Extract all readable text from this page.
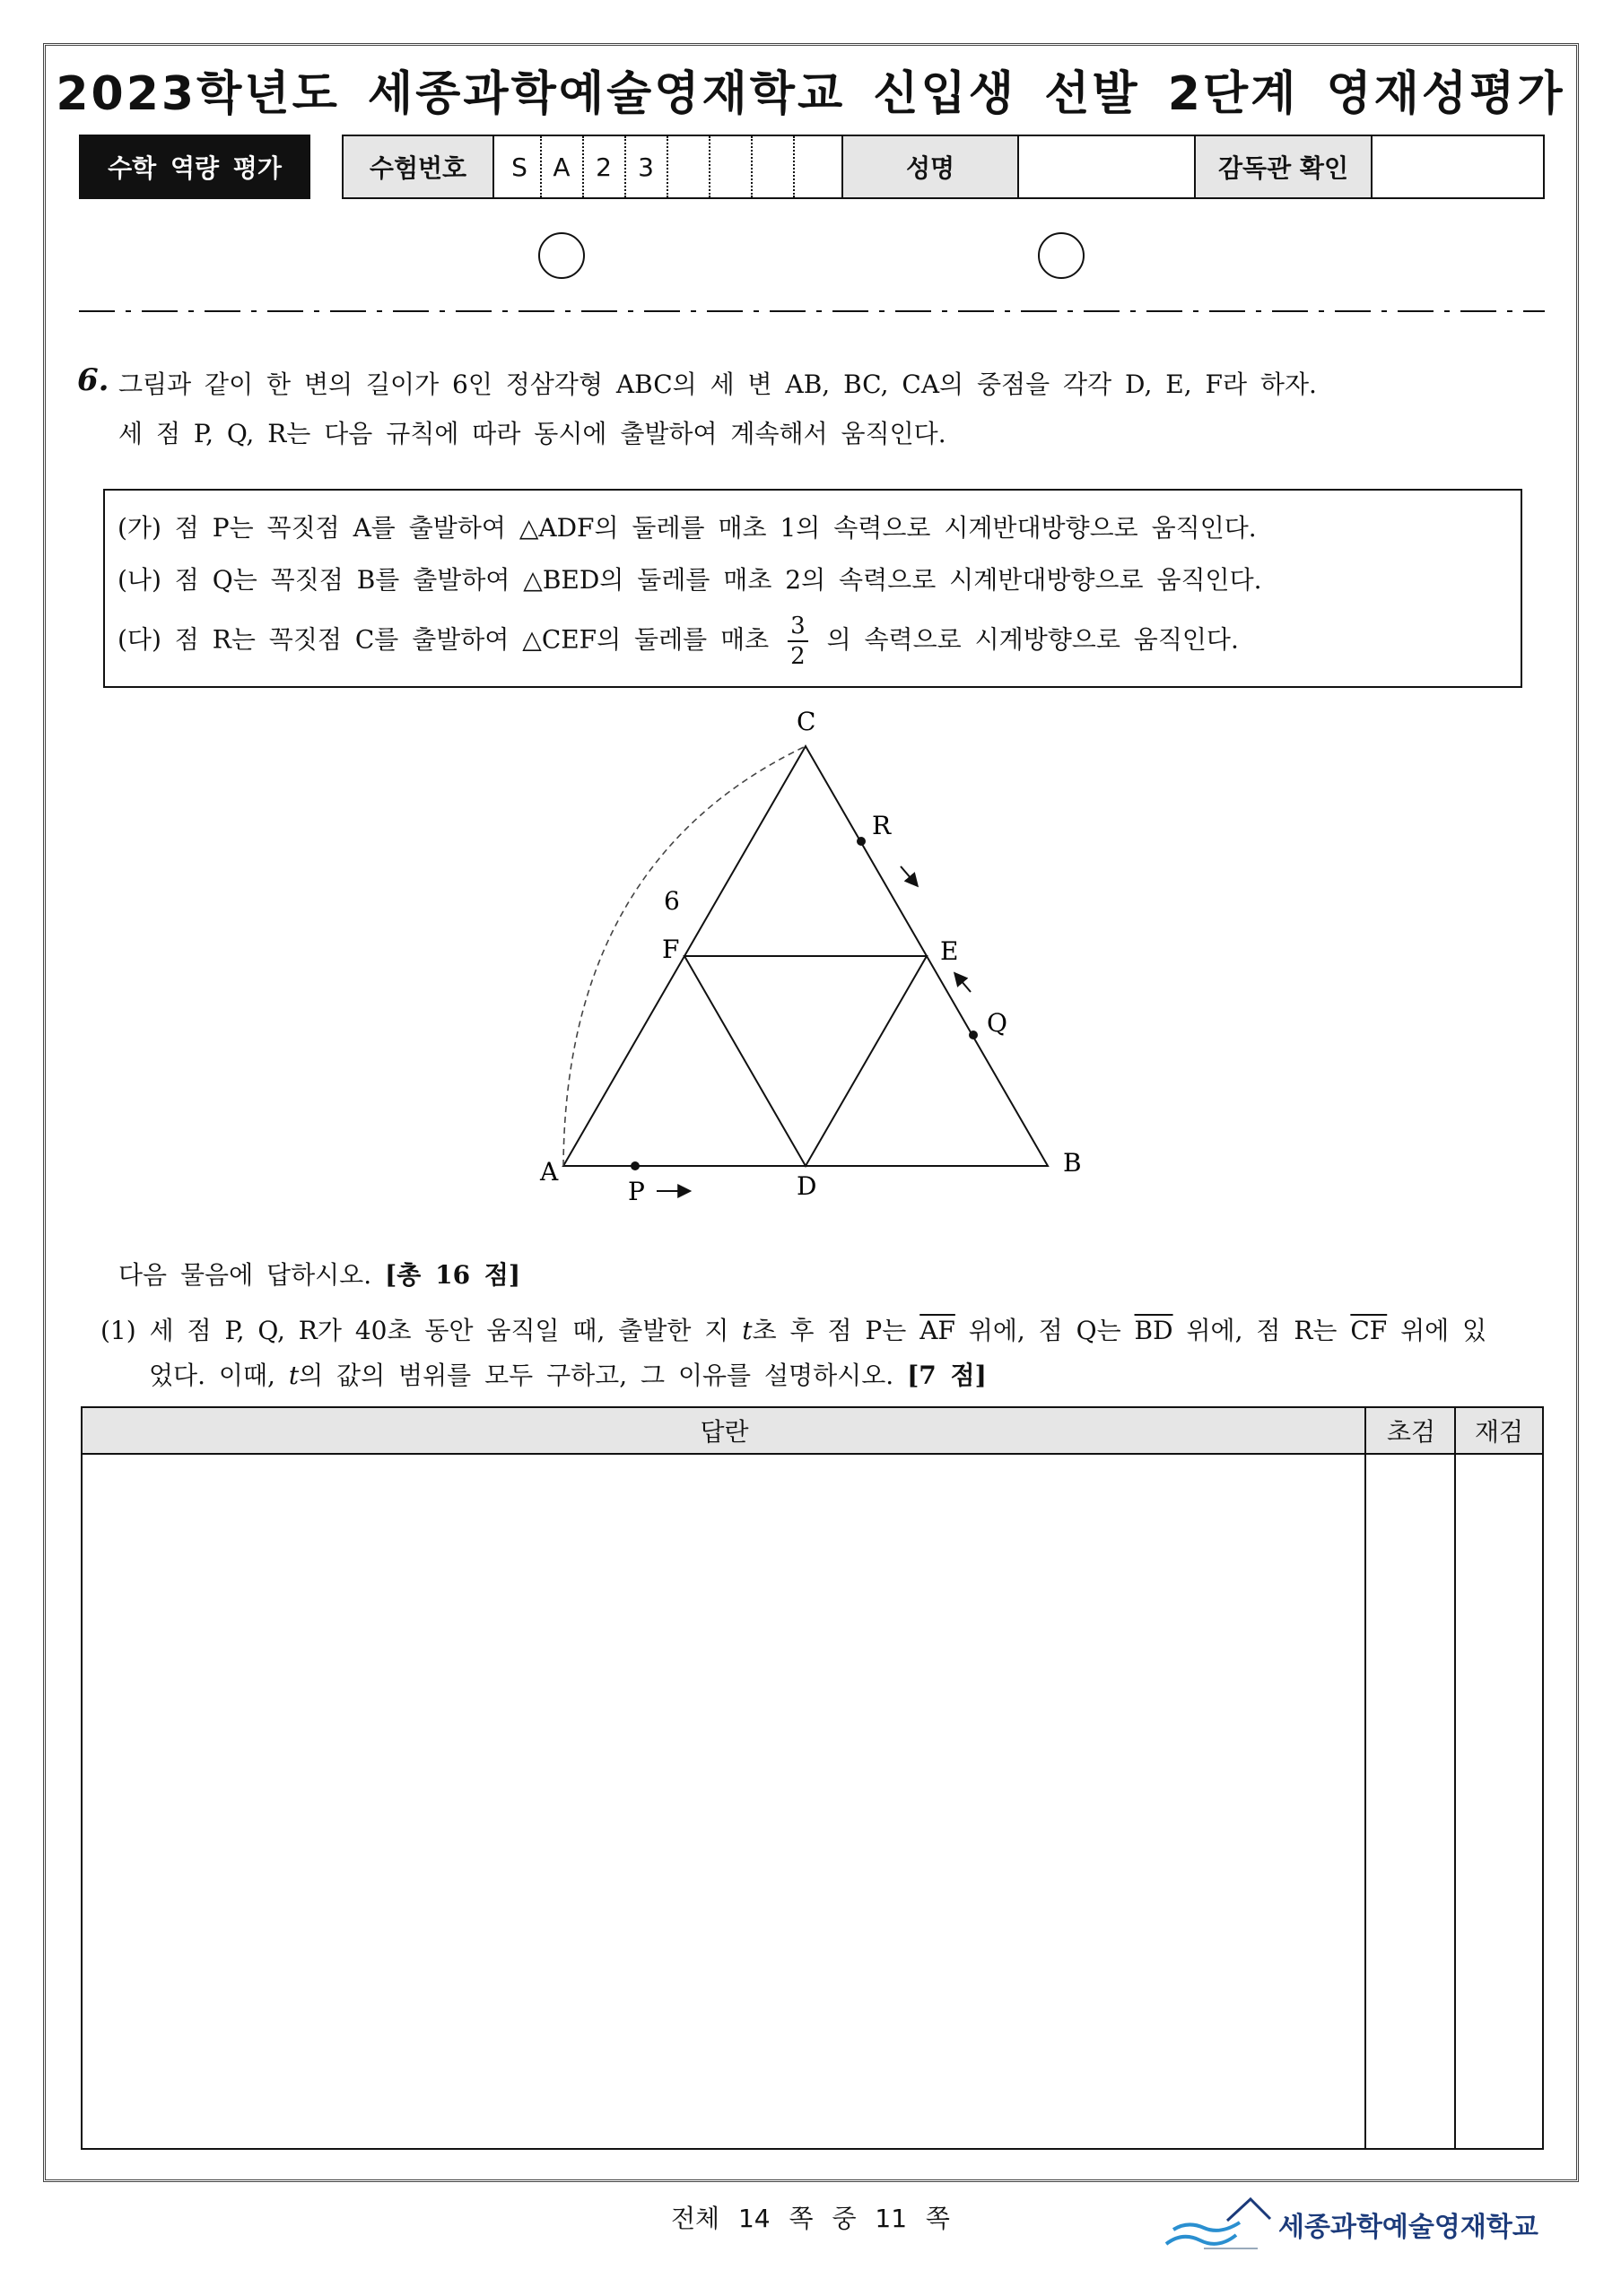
2023학년도 세종과학예술영재학교 신입생 선발 2단계 영재성평가
수학 역량 평가	수험번호	S	A	2	3	성명	감독관 확인
6. 그림과 같이 한 변의 길이가 6인 정삼각형 ABC의 세 변 AB, BC, CA의 중점을 각각 D, E, F라 하자.
세 점 P, Q, R는 다음 규칙에 따라 동시에 출발하여 계속해서 움직인다.
(가) 점 P는 꼭짓점 A를 출발하여 △ADF의 둘레를 매초 1의 속력으로 시계반대방향으로 움직인다.
(나) 점 Q는 꼭짓점 B를 출발하여 △BED의 둘레를 매초 2의 속력으로 시계반대방향으로 움직인다.
(다) 점 R는 꼭짓점 C를 출발하여 △CEF의 둘레를 매초 $\frac{3}{2}$ 의 속력으로 시계방향으로 움직인다.
A	B
C
D
E
F
P
Q
R
6
다음 물음에 답하시오. [총 16 점]
(1) 세 점 P, Q, R가 40초 동안 움직일 때, 출발한 지 t초 후 점 P는 $\overline{AF}$ 위에, 점 Q는 $\overline{BD}$ 위에, 점 R는 $\overline{CF}$ 위에 있
었다. 이때, t의 값의 범위를 모두 구하고, 그 이유를 설명하시오. [7 점]
답란	초검	재검
전체 14 쪽 중 11 쪽	세종과학예술영재학교
